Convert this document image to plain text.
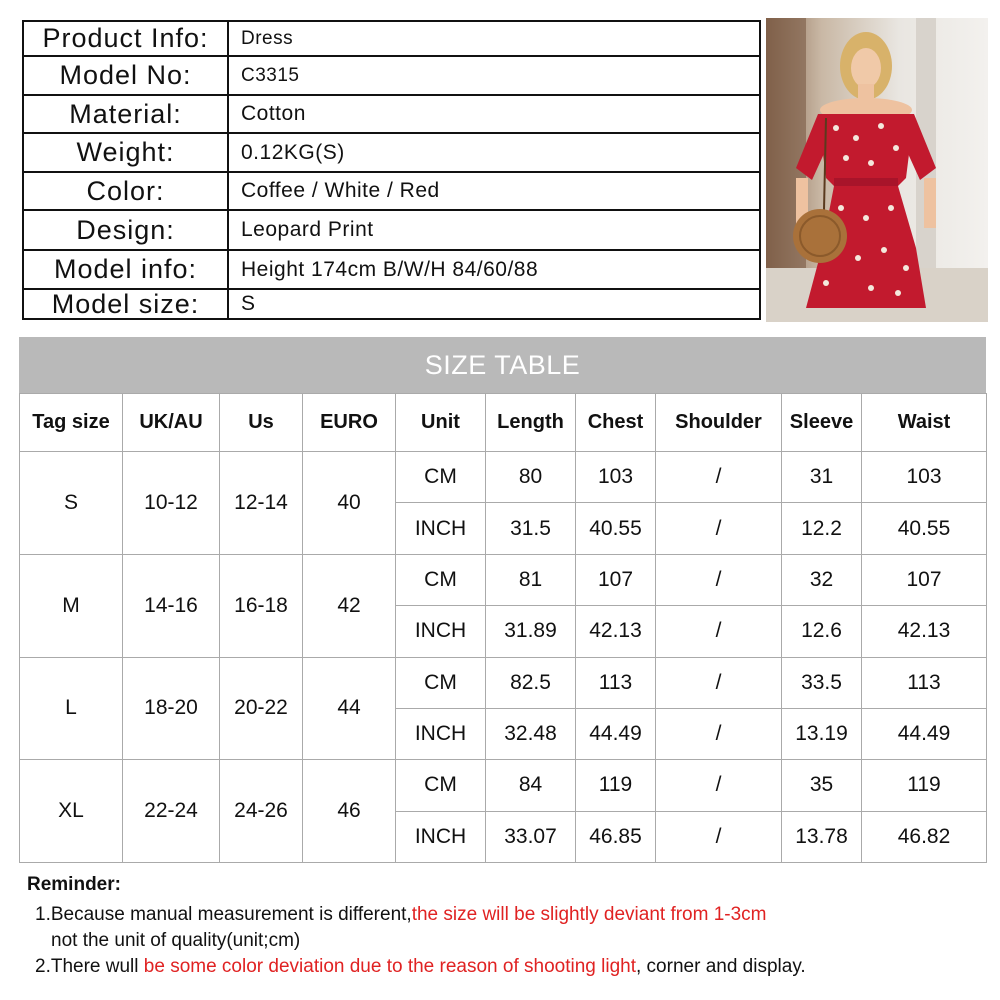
Product Info:	Dress
Model No:	C3315
Material:	Cotton
Weight:	0.12KG(S)
Color:	Coffee / White / Red
Design:	Leopard Print
Model info:	Height 174cm B/W/H 84/60/88
Model size:	S
SIZE TABLE
Tag size	UK/AU	Us	EURO	Unit	Length	Chest	Shoulder	Sleeve	Waist
S	10-12	12-14	40	CM	80	103	/	31	103
				INCH	31.5	40.55	/	12.2	40.55
M	14-16	16-18	42	CM	81	107	/	32	107
				INCH	31.89	42.13	/	12.6	42.13
L	18-20	20-22	44	CM	82.5	113	/	33.5	113
				INCH	32.48	44.49	/	13.19	44.49
XL	22-24	24-26	46	CM	84	119	/	35	119
				INCH	33.07	46.85	/	13.78	46.82

Reminder:

1.Because manual measurement is different,the size will be slightly deviant from 1-3cm

not the unit of quality(unit;cm)

2.There wull be some color deviation due to the reason of shooting light, corner and display.
